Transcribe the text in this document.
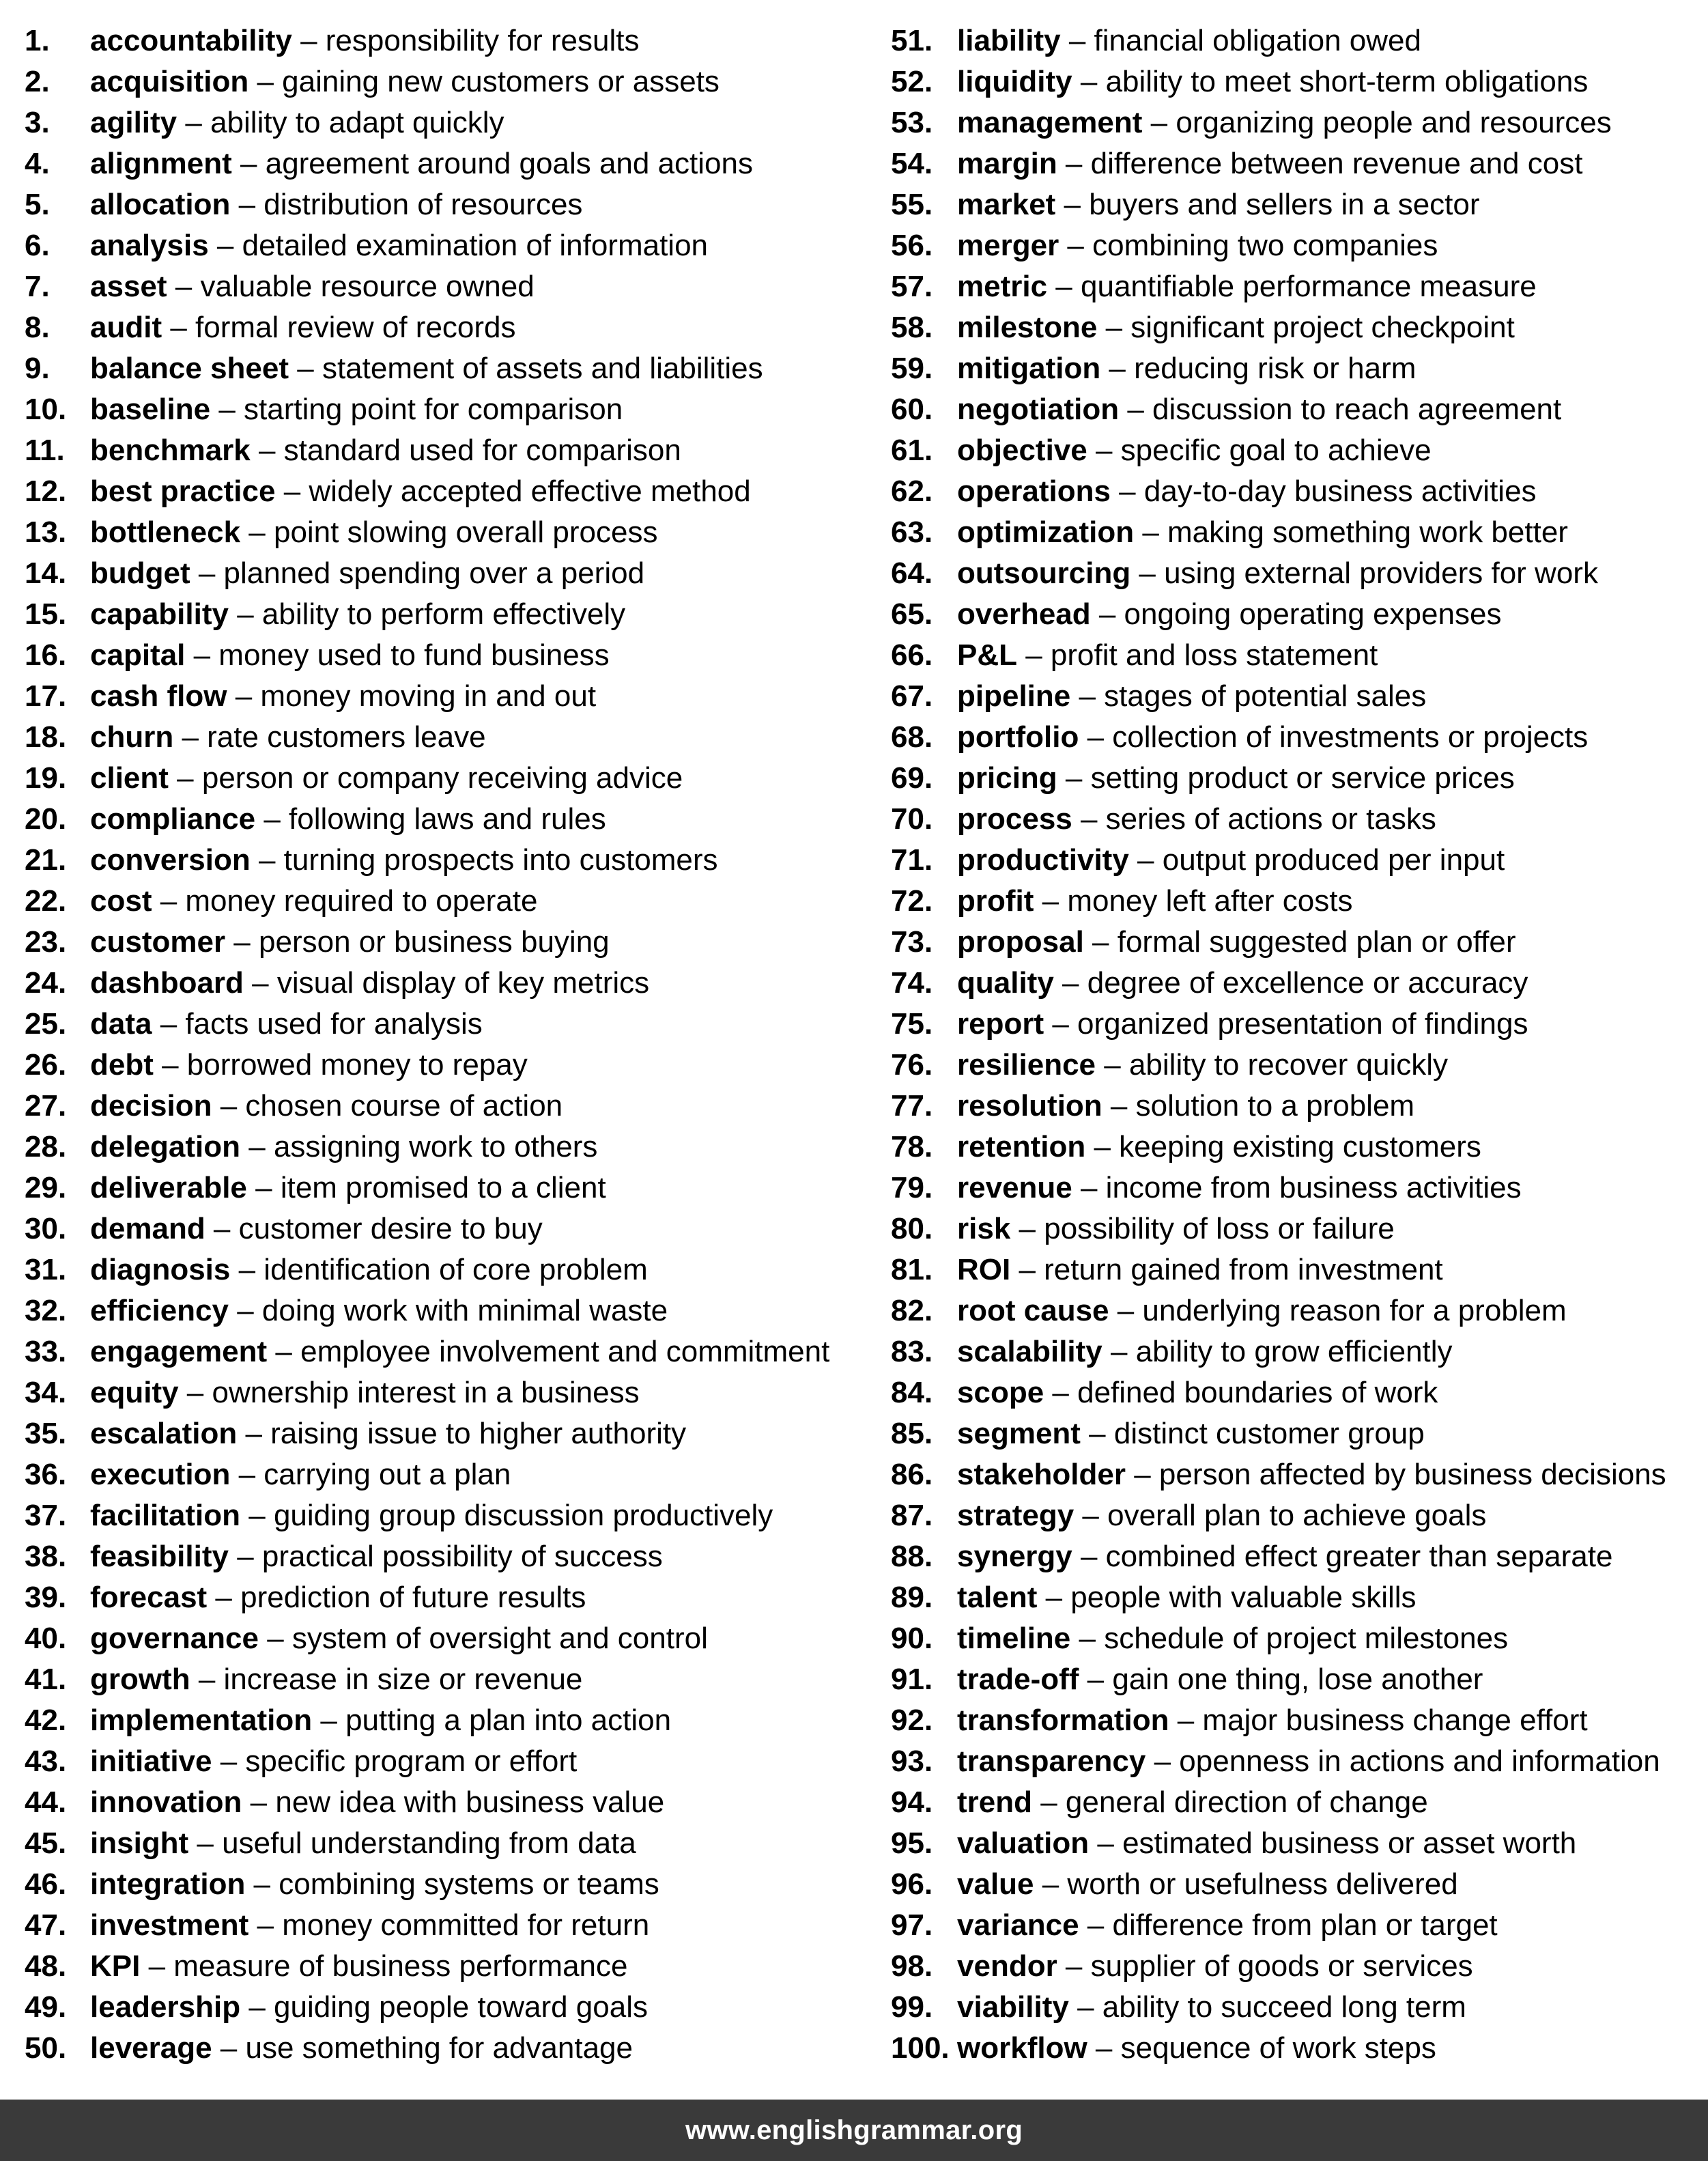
1. accountability – responsibility for results
2. acquisition – gaining new customers or assets
3. agility – ability to adapt quickly
4. alignment – agreement around goals and actions
5. allocation – distribution of resources
6. analysis – detailed examination of information
7. asset – valuable resource owned
8. audit – formal review of records
9. balance sheet – statement of assets and liabilities
10. baseline – starting point for comparison
11. benchmark – standard used for comparison
12. best practice – widely accepted effective method
13. bottleneck – point slowing overall process
14. budget – planned spending over a period
15. capability – ability to perform effectively
16. capital – money used to fund business
17. cash flow – money moving in and out
18. churn – rate customers leave
19. client – person or company receiving advice
20. compliance – following laws and rules
21. conversion – turning prospects into customers
22. cost – money required to operate
23. customer – person or business buying
24. dashboard – visual display of key metrics
25. data – facts used for analysis
26. debt – borrowed money to repay
27. decision – chosen course of action
28. delegation – assigning work to others
29. deliverable – item promised to a client
30. demand – customer desire to buy
31. diagnosis – identification of core problem
32. efficiency – doing work with minimal waste
33. engagement – employee involvement and commitment
34. equity – ownership interest in a business
35. escalation – raising issue to higher authority
36. execution – carrying out a plan
37. facilitation – guiding group discussion productively
38. feasibility – practical possibility of success
39. forecast – prediction of future results
40. governance – system of oversight and control
41. growth – increase in size or revenue
42. implementation – putting a plan into action
43. initiative – specific program or effort
44. innovation – new idea with business value
45. insight – useful understanding from data
46. integration – combining systems or teams
47. investment – money committed for return
48. KPI – measure of business performance
49. leadership – guiding people toward goals
50. leverage – use something for advantage
51. liability – financial obligation owed
52. liquidity – ability to meet short-term obligations
53. management – organizing people and resources
54. margin – difference between revenue and cost
55. market – buyers and sellers in a sector
56. merger – combining two companies
57. metric – quantifiable performance measure
58. milestone – significant project checkpoint
59. mitigation – reducing risk or harm
60. negotiation – discussion to reach agreement
61. objective – specific goal to achieve
62. operations – day-to-day business activities
63. optimization – making something work better
64. outsourcing – using external providers for work
65. overhead – ongoing operating expenses
66. P&L – profit and loss statement
67. pipeline – stages of potential sales
68. portfolio – collection of investments or projects
69. pricing – setting product or service prices
70. process – series of actions or tasks
71. productivity – output produced per input
72. profit – money left after costs
73. proposal – formal suggested plan or offer
74. quality – degree of excellence or accuracy
75. report – organized presentation of findings
76. resilience – ability to recover quickly
77. resolution – solution to a problem
78. retention – keeping existing customers
79. revenue – income from business activities
80. risk – possibility of loss or failure
81. ROI – return gained from investment
82. root cause – underlying reason for a problem
83. scalability – ability to grow efficiently
84. scope – defined boundaries of work
85. segment – distinct customer group
86. stakeholder – person affected by business decisions
87. strategy – overall plan to achieve goals
88. synergy – combined effect greater than separate
89. talent – people with valuable skills
90. timeline – schedule of project milestones
91. trade-off – gain one thing, lose another
92. transformation – major business change effort
93. transparency – openness in actions and information
94. trend – general direction of change
95. valuation – estimated business or asset worth
96. value – worth or usefulness delivered
97. variance – difference from plan or target
98. vendor – supplier of goods or services
99. viability – ability to succeed long term
100. workflow – sequence of work steps
www.englishgrammar.org
